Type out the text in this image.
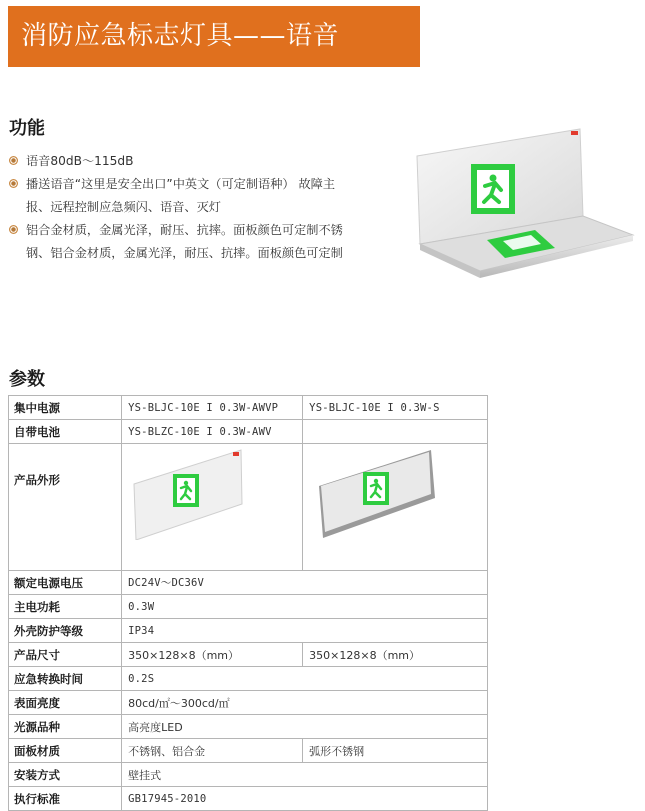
消防应急标志灯具——语音
功能
语音80dB～115dB
播送语音“这里是安全出口”中英文（可定制语种） 故障主
报、远程控制应急频闪、语音、灭灯
铝合金材质，金属光泽，耐压、抗摔。面板颜色可定制不锈
钢、铝合金材质，金属光泽，耐压、抗摔。面板颜色可定制
参数
集中电源	YS-BLJC-10E I 0.3W-AWVP	YS-BLJC-10E I 0.3W-S
自带电池	YS-BLZC-10E I 0.3W-AWV	
产品外形		
额定电源电压	DC24V～DC36V	
主电功耗	0.3W	
外壳防护等级	IP34	
产品尺寸	350×128×8（mm）	350×128×8（mm）
应急转换时间	0.2S	
表面亮度	80cd/㎡～300cd/㎡	
光源品种	高亮度LED	
面板材质	不锈钢、铝合金	弧形不锈钢
安装方式	壁挂式	
执行标准	GB17945-2010	
